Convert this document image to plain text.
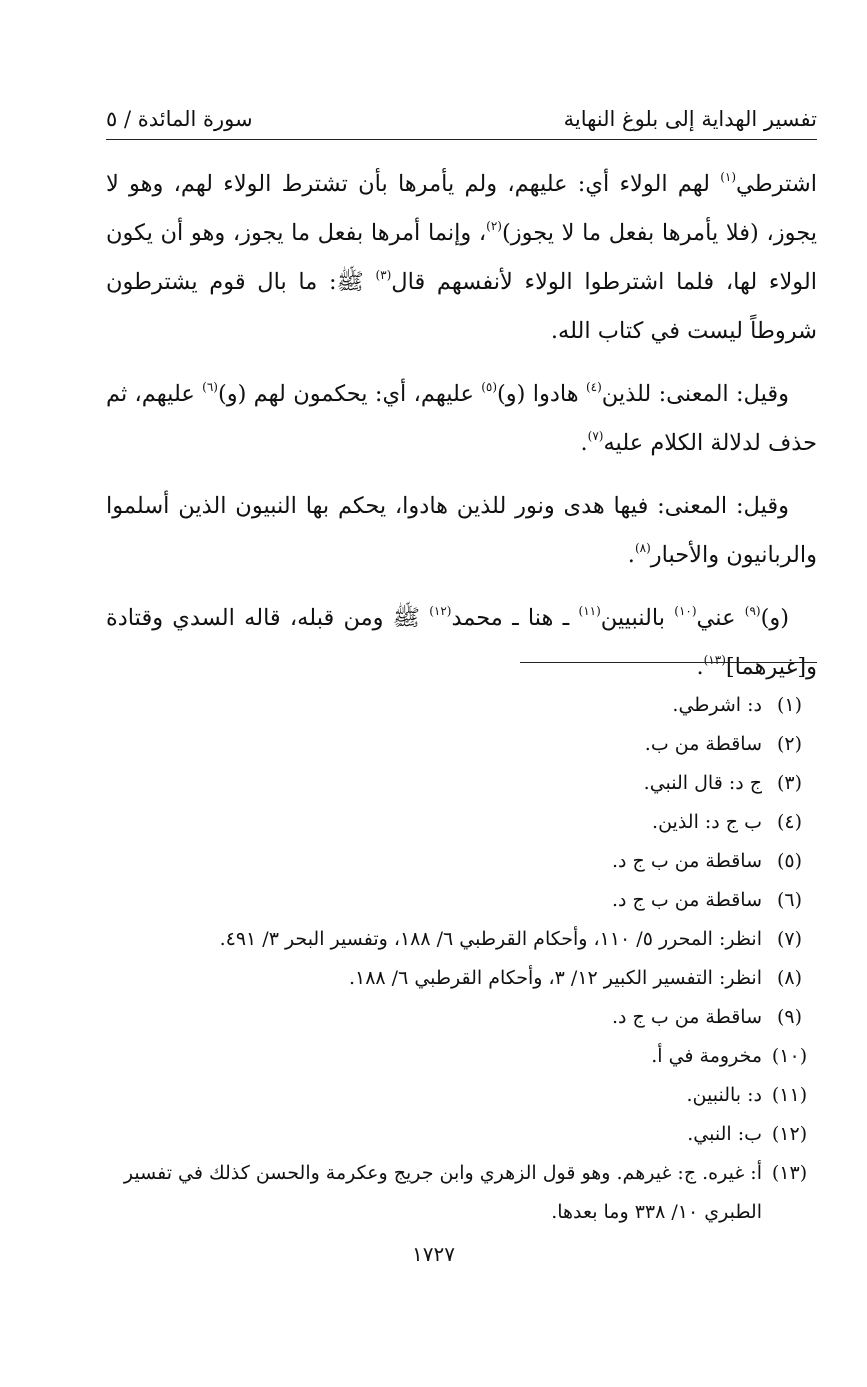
تفسير الهداية إلى بلوغ النهاية
سورة المائدة / ٥

اشترطي$^{(١)}$ لهم الولاء أي: عليهم، ولم يأمرها بأن تشترط الولاء لهم، وهو لا يجوز، (فلا يأمرها بفعل ما لا يجوز)$^{(٢)}$، وإنما أمرها بفعل ما يجوز، وهو أن يكون الولاء لها، فلما اشترطوا الولاء لأنفسهم قال$^{(٣)}$ ﷺ: ما بال قوم يشترطون شروطاً ليست في كتاب الله.

وقيل: المعنى: للذين$^{(٤)}$ هادوا (و)$^{(٥)}$ عليهم، أي: يحكمون لهم (و)$^{(٦)}$ عليهم، ثم حذف لدلالة الكلام عليه$^{(٧)}$.

وقيل: المعنى: فيها هدى ونور للذين هادوا، يحكم بها النبيون الذين أسلموا والربانيون والأحبار$^{(٨)}$.

(و)$^{(٩)}$ عني$^{(١٠)}$ بالنبيين$^{(١١)}$ ـ هنا ـ محمد$^{(١٢)}$ ﷺ ومن قبله، قاله السدي وقتادة و[غيرهما]$^{(١٣)}$.

(١)
د: اشرطي.
(٢)
ساقطة من ب.
(٣)
ج د: قال النبي.
(٤)
ب ج د: الذين.
(٥)
ساقطة من ب ج د.
(٦)
ساقطة من ب ج د.
(٧)
انظر: المحرر ٥/ ١١٠، وأحكام القرطبي ٦/ ١٨٨، وتفسير البحر ٣/ ٤٩١.
(٨)
انظر: التفسير الكبير ١٢/ ٣، وأحكام القرطبي ٦/ ١٨٨.
(٩)
ساقطة من ب ج د.
(١٠)
مخرومة في أ.
(١١)
د: بالنبين.
(١٢)
ب: النبي.
(١٣)
أ: غيره. ج: غيرهم. وهو قول الزهري وابن جريج وعكرمة والحسن كذلك في تفسير الطبري ١٠/ ٣٣٨ وما بعدها.
١٧٢٧
